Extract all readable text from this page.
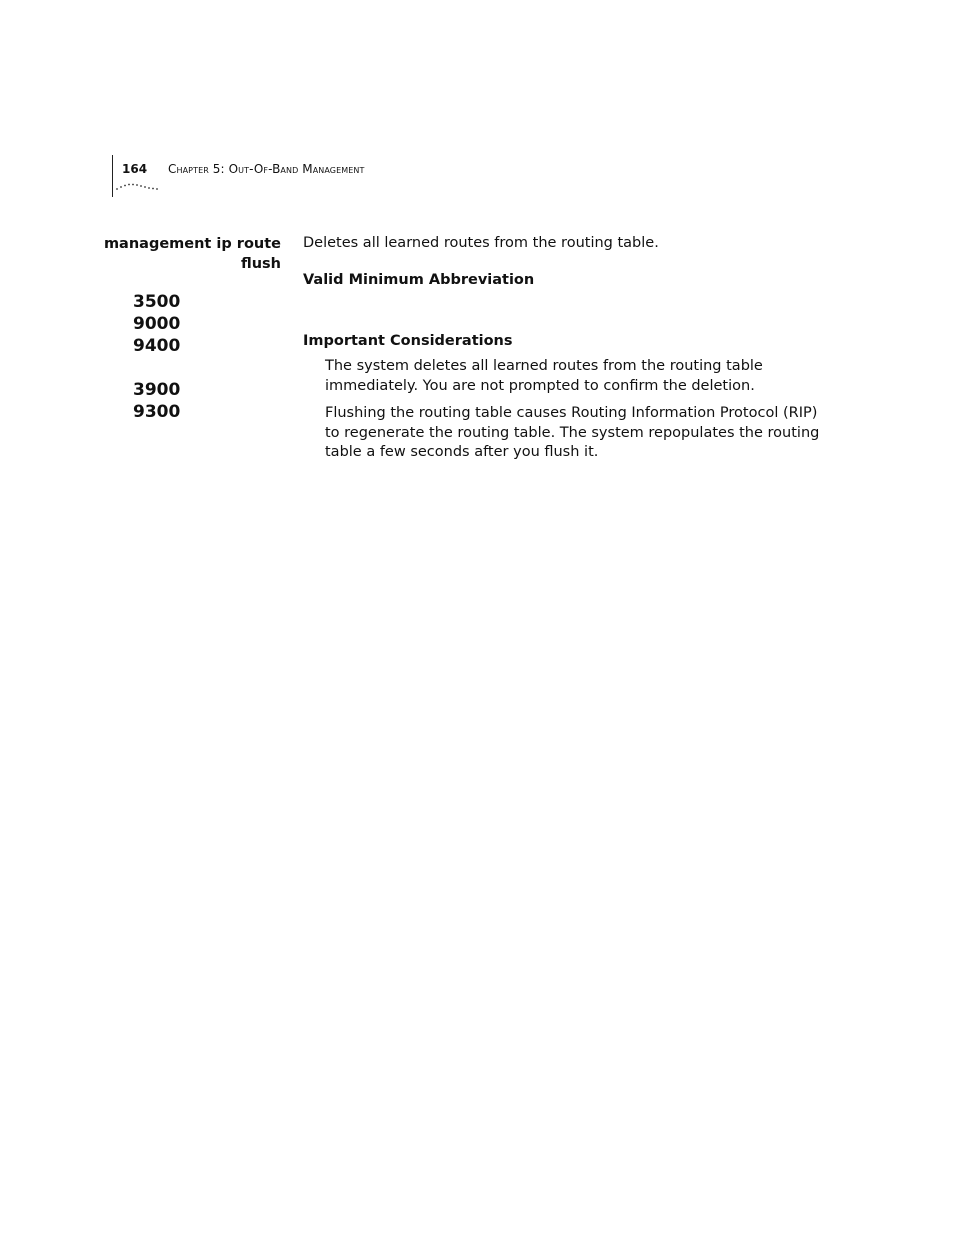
164 Chapter 5: Out-Of-Band Management
management ip route
flush
3500
9000
9400
3900
9300
Deletes all learned routes from the routing table.
Valid Minimum Abbreviation
Important Considerations
The system deletes all learned routes from the routing table immediately. You are not prompted to confirm the deletion.
Flushing the routing table causes Routing Information Protocol (RIP) to regenerate the routing table. The system repopulates the routing table a few seconds after you flush it.
